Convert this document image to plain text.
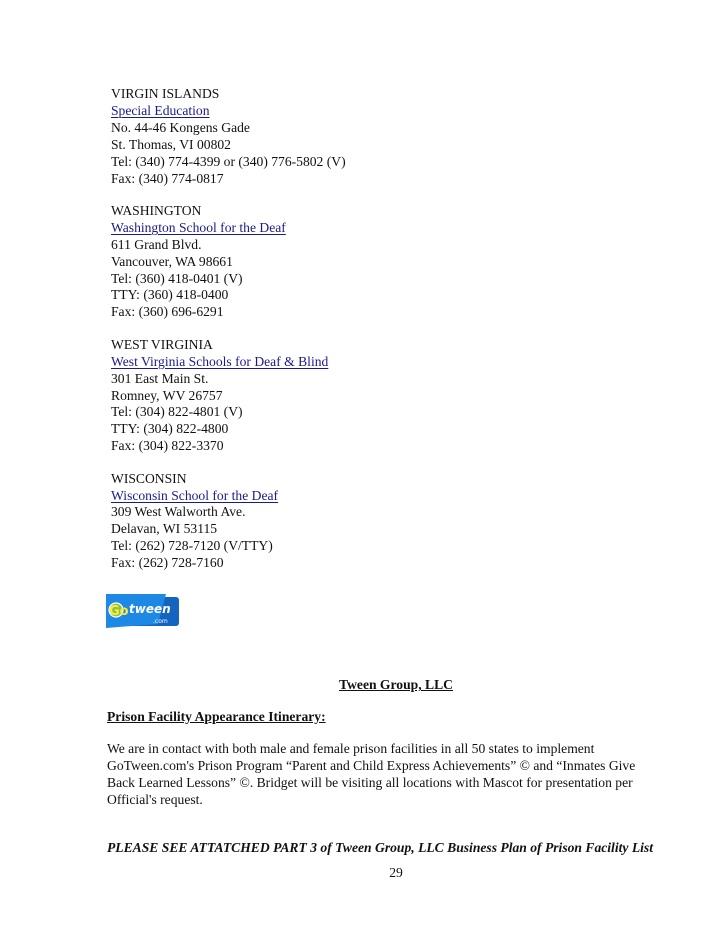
VIRGIN ISLANDS
Special Education
No. 44-46 Kongens Gade
St. Thomas, VI 00802
Tel: (340) 774-4399 or (340) 776-5802 (V)
Fax: (340) 774-0817
WASHINGTON
Washington School for the Deaf
611 Grand Blvd.
Vancouver, WA 98661
Tel: (360) 418-0401 (V)
TTY: (360) 418-0400
Fax: (360) 696-6291
WEST VIRGINIA
West Virginia Schools for Deaf & Blind
301 East Main St.
Romney, WV 26757
Tel: (304) 822-4801 (V)
TTY: (304) 822-4800
Fax: (304) 822-3370
WISCONSIN
Wisconsin School for the Deaf
309 West Walworth Ave.
Delavan, WI 53115
Tel: (262) 728-7120 (V/TTY)
Fax: (262) 728-7160
Go tween
.com
Tween Group, LLC
Prison Facility Appearance Itinerary:
We are in contact with both male and female prison facilities in all 50 states to implement
GoTween.com's Prison Program “Parent and Child Express Achievements” © and “Inmates Give
Back Learned Lessons” ©. Bridget will be visiting all locations with Mascot for presentation per
Official's request.
PLEASE SEE ATTATCHED PART 3 of Tween Group, LLC Business Plan of Prison Facility List
29
